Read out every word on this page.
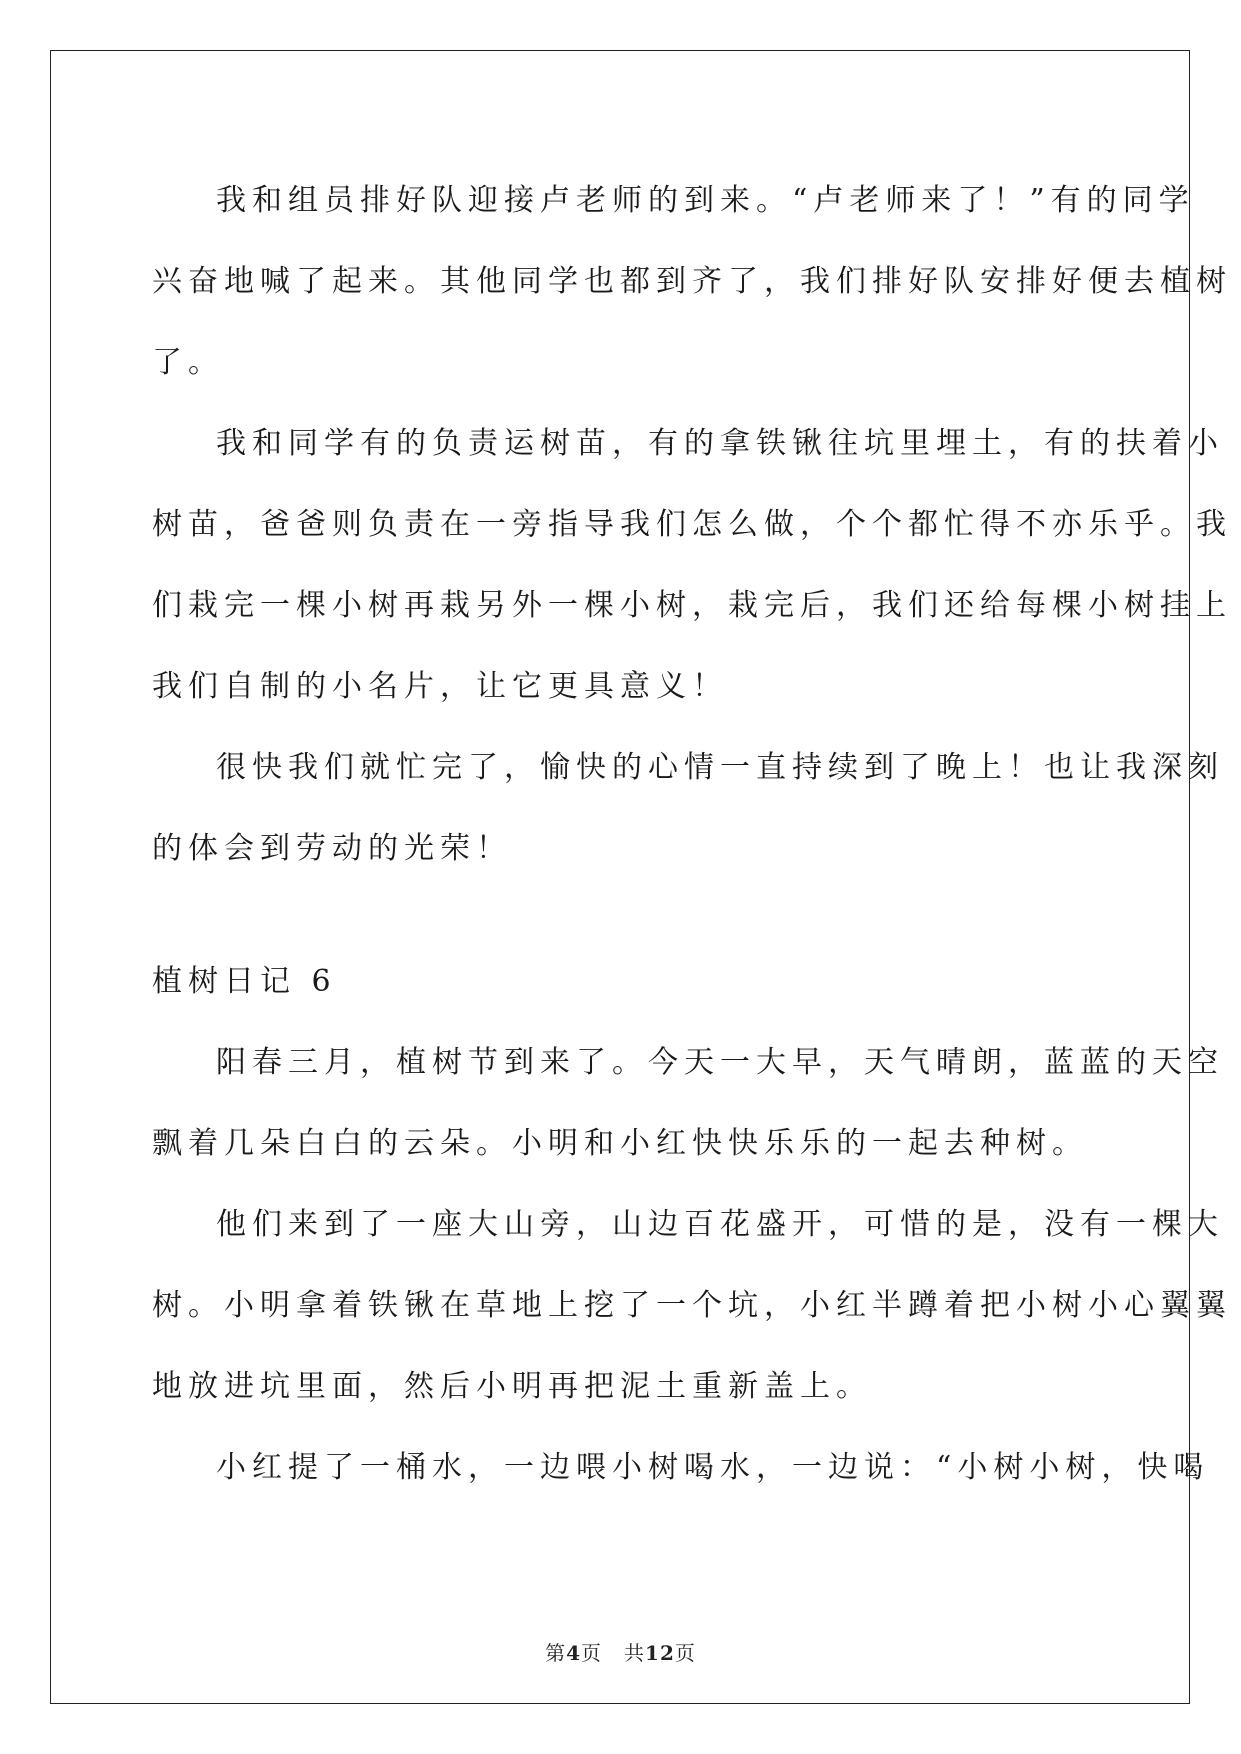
我和组员排好队迎接卢老师的到来。“卢老师来了！”有的同学
兴奋地喊了起来。其他同学也都到齐了，我们排好队安排好便去植树
了。

我和同学有的负责运树苗，有的拿铁锹往坑里埋土，有的扶着小
树苗，爸爸则负责在一旁指导我们怎么做，个个都忙得不亦乐乎。我
们栽完一棵小树再栽另外一棵小树，栽完后，我们还给每棵小树挂上
我们自制的小名片，让它更具意义！

很快我们就忙完了，愉快的心情一直持续到了晚上！也让我深刻
的体会到劳动的光荣！

植树日记 6

阳春三月，植树节到来了。今天一大早，天气晴朗，蓝蓝的天空
飘着几朵白白的云朵。小明和小红快快乐乐的一起去种树。

他们来到了一座大山旁，山边百花盛开，可惜的是，没有一棵大
树。小明拿着铁锹在草地上挖了一个坑，小红半蹲着把小树小心翼翼
地放进坑里面，然后小明再把泥土重新盖上。

小红提了一桶水，一边喂小树喝水，一边说：“小树小树，快喝

第4页 共12页
